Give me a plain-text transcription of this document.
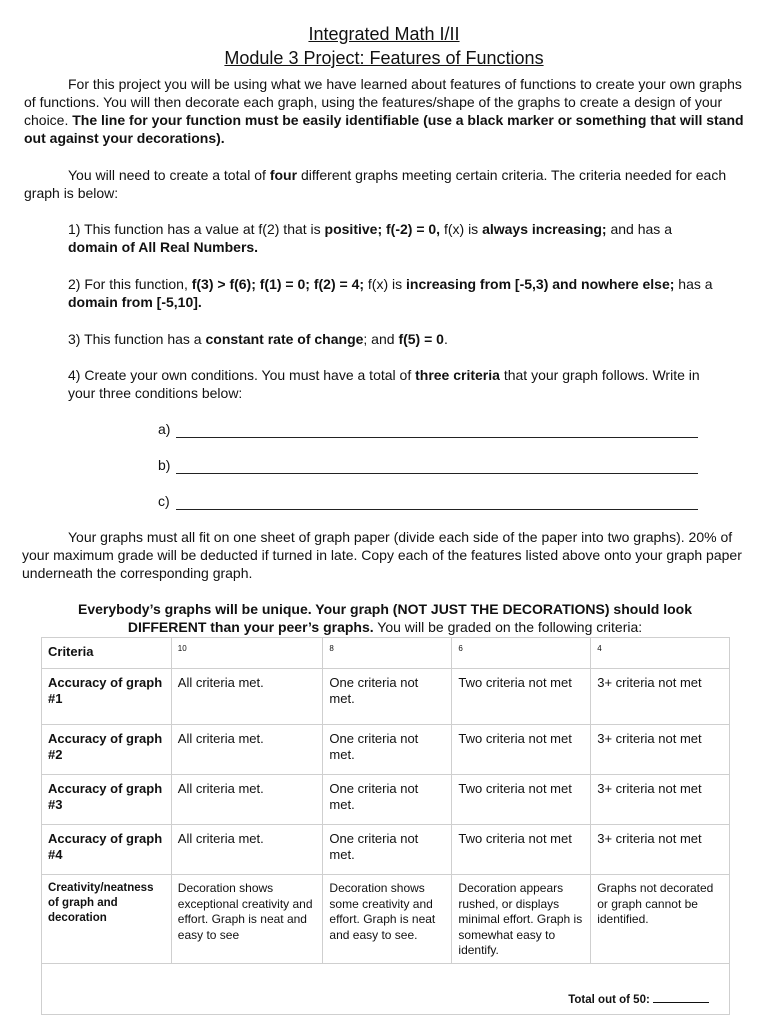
Integrated Math I/II
Module 3 Project: Features of Functions
For this project you will be using what we have learned about features of functions to create your own graphs of functions. You will then decorate each graph, using the features/shape of the graphs to create a design of your choice. The line for your function must be easily identifiable (use a black marker or something that will stand out against your decorations).
You will need to create a total of four different graphs meeting certain criteria. The criteria needed for each graph is below:
1) This function has a value at f(2) that is positive; f(-2) = 0, f(x) is always increasing; and has a domain of All Real Numbers.
2) For this function, f(3) > f(6); f(1) = 0; f(2) = 4; f(x) is increasing from [-5,3) and nowhere else; has a domain from [-5,10].
3) This function has a constant rate of change; and f(5) = 0.
4) Create your own conditions. You must have a total of three criteria that your graph follows. Write in your three conditions below:
a)
b)
c)
Your graphs must all fit on one sheet of graph paper (divide each side of the paper into two graphs). 20% of your maximum grade will be deducted if turned in late. Copy each of the features listed above onto your graph paper underneath the corresponding graph.
Everybody’s graphs will be unique. Your graph (NOT JUST THE DECORATIONS) should look DIFFERENT than your peer’s graphs. You will be graded on the following criteria:
Criteria	10	8	6	4
Accuracy of graph #1	All criteria met.	One criteria not met.	Two criteria not met	3+ criteria not met
Accuracy of graph #2	All criteria met.	One criteria not met.	Two criteria not met	3+ criteria not met
Accuracy of graph #3	All criteria met.	One criteria not met.	Two criteria not met	3+ criteria not met
Accuracy of graph #4	All criteria met.	One criteria not met.	Two criteria not met	3+ criteria not met
Creativity/neatness of graph and decoration	Decoration shows exceptional creativity and effort. Graph is neat and easy to see	Decoration shows some creativity and effort. Graph is neat and easy to see.	Decoration appears rushed, or displays minimal effort. Graph is somewhat easy to identify.	Graphs not decorated or graph cannot be identified.

Total out of 50:				
